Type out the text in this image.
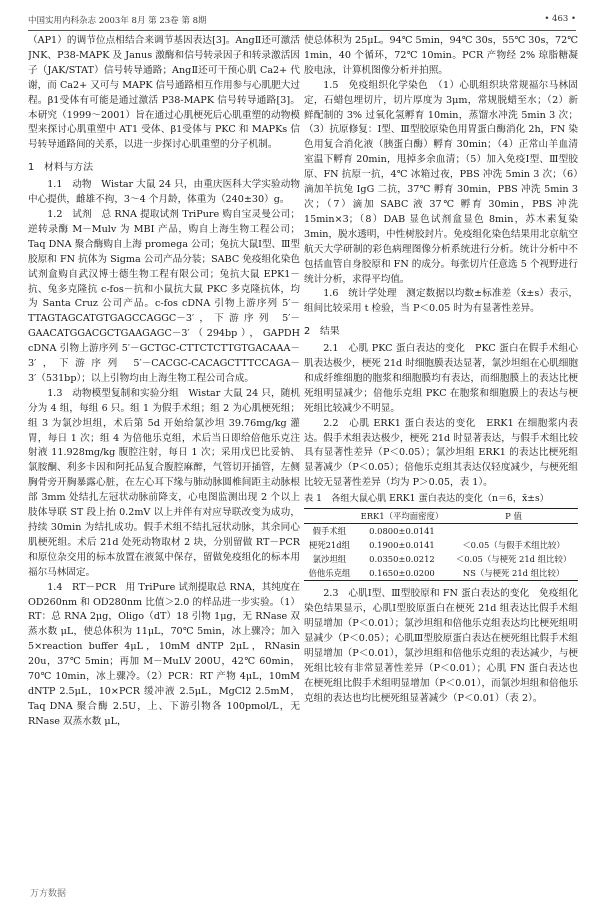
中国实用内科杂志 2003年 8月 第 23卷 第 8期	• 463 •

（AP1）的调节位点相结合来调节基因表达[3]。AngⅡ还可激活 JNK、P38-MAPK 及 Janus 激酶和信号转录因子和转录激活因子（JAK/STAT）信号转导通路；AngⅡ还可干预心肌 Ca2+ 代谢，而 Ca2+ 又可与 MAPK 信号通路相互作用参与心肌肥大过程。β1受体有可能是通过激活 P38-MAPK 信号转导通路[3]。本研究（1999～2001）旨在通过心肌梗死后心肌重塑的动物模型来探讨心肌重塑中 AT1 受体、β1受体与 PKC 和 MAPKs 信号转导通路间的关系，以进一步探讨心肌重塑的分子机制。

1　材料与方法

1.1　动物　Wistar 大鼠 24 只，由重庆医科大学实验动物中心提供，雌雄不拘，3～4 个月龄，体重为（240±30）g。

1.2　试剂　总 RNA 提取试剂 TriPure 购自宝灵曼公司；逆转录酶 M－Mulv 为 MBI 产品，购自上海生物工程公司；Taq DNA 聚合酶购自上海 promega 公司；兔抗大鼠Ⅰ型、Ⅲ型胶原和 FN 抗体为 Sigma 公司产品分装；SABC 免疫组化染色试剂盒购自武汉博士德生物工程有限公司；兔抗大鼠 EPK1－抗、兔多克隆抗 c-fos－抗和小鼠抗大鼠 PKC 多克隆抗体，均为 Santa Cruz 公司产品。c-fos cDNA 引物上游序列 5′－TTAGTAGCATGTGAGCCAGGC－3′，下游序列 5′－GAACATGGACGCTGAAGAGC－3′（294bp），GAPDH cDNA 引物上游序列 5′－GCTGC-CTTCTCTTGTGACAAA－3′，下游序列 5′－CACGC-CACAGCTTTCCAGA－3′（531bp）；以上引物均由上海生物工程公司合成。

1.3　动物模型复制和实验分组　Wistar 大鼠 24 只，随机分为 4 组，每组 6 只。组 1 为假手术组；组 2 为心肌梗死组；组 3 为氯沙坦组，术后第 5d 开始给氯沙坦 39.76mg/kg 灌胃，每日 1 次；组 4 为倍他乐克组，术后当日即给倍他乐克注射液 11.928mg/kg 腹腔注射，每日 1 次；采用戊巴比妥钠、氯胺酮、利多卡因和阿托品复合腹腔麻醉，气管切开插管，左侧胸骨旁开胸暴露心脏，在左心耳下缘与肺动脉圆椎间距主动脉根部 3mm 处结扎左冠状动脉前降支，心电图监测出现 2 个以上肢体导联 ST 段上抬 0.2mV 以上并伴有对应导联改变为成功，持续 30min 为结扎成功。假手术组不结扎冠状动脉，其余同心肌梗死组。术后 21d 处死动物取材 2 块，分别留做 RT－PCR 和原位杂交用的标本放置在液氮中保存，留做免疫组化的标本用福尔马林固定。

1.4　RT－PCR　用 TriPure 试剂提取总 RNA，其纯度在 OD260nm 和 OD280nm 比值＞2.0 的样品进一步实验。（1）RT：总 RNA 2μg，Oligo（dT）18 引物 1μg，无 RNase 双蒸水数 μL，使总体积为 11μL，70℃ 5min，冰上骤冷；加入 5×reaction buffer 4μL，10mM dNTP 2μL，RNasin 20u，37℃ 5min；再加 M－MuLV 200U，42℃ 60min，70℃ 10min，冰上骤冷。（2）PCR：RT 产物 4μL，10mM dNTP 2.5μL，10×PCR 缓冲液 2.5μL，MgCl2 2.5mM，Taq DNA 聚合酶 2.5U，上、下游引物各 100pmol/L，无 RNase 双蒸水数 μL，

使总体积为 25μL。94℃ 5min，94℃ 30s，55℃ 30s，72℃ 1min，40 个循环，72℃ 10min。PCR 产物经 2% 琼脂糖凝胶电泳，计算机图像分析并拍照。

1.5　免疫组织化学染色　（1）心肌组织块常规福尔马林固定，石蜡包埋切片，切片厚度为 3μm，常规脱蜡至水；（2）新鲜配制的 3% 过氧化氢孵育 10min，蒸馏水冲洗 5min 3 次；（3）抗原修复：Ⅰ型、Ⅲ型胶原染色用胃蛋白酶消化 2h，FN 染色用复合消化液（胰蛋白酶）孵育 30min；（4）正常山羊血清室温下孵育 20min，甩掉多余血清；（5）加入免疫Ⅰ型、Ⅲ型胶原、FN 抗原一抗，4℃ 冰箱过夜，PBS 冲洗 5min 3 次；（6）滴加羊抗兔 IgG 二抗，37℃ 孵育 30min，PBS 冲洗 5min 3 次；（7）滴加 SABC 液 37℃ 孵育 30min，PBS 冲洗 15min×3；（8）DAB 显色试剂盒显色 8min，苏木素复染 3min，脱水透明，中性树胶封片。免疫组化染色结果用北京航空航天大学研制的彩色病理图像分析系统进行分析。统计分析中不包括血管自身胶原和 FN 的成分。每张切片任意选 5 个视野进行统计分析，求得平均值。

1.6　统计学处理　测定数据以均数±标准差（x̄±s）表示，组间比较采用 t 检验，当 P＜0.05 时为有显著性差异。

2　结果

2.1　心肌 PKC 蛋白表达的变化　PKC 蛋白在假手术组心肌表达极少，梗死 21d 时细胞膜表达显著，氯沙坦组在心肌细胞和成纤维细胞的胞浆和细胞膜均有表达，而细胞膜上的表达比梗死组明显减少；倍他乐克组 PKC 在胞浆和细胞膜上的表达与梗死组比较减少不明显。

2.2　心肌 ERK1 蛋白表达的变化　ERK1 在细胞浆内表达。假手术组表达极少，梗死 21d 时显著表达，与假手术组比较具有显著性差异（P＜0.05）；氯沙坦组 ERK1 的表达比梗死组显著减少（P＜0.05）；倍他乐克组其表达仅轻度减少，与梗死组比较无显著性差异（均为 P＞0.05，表 1）。

表 1　各组大鼠心肌 ERK1 蛋白表达的变化（n＝6，x̄±s）
	ERK1（平均面密度）	P 值
假手术组	0.0800±0.0141	
梗死21d组	0.1900±0.0141	＜0.05（与假手术组比较）
氯沙坦组	0.0350±0.0212	＜0.05（与梗死 21d 组比较）
倍他乐克组	0.1650±0.0200	NS（与梗死 21d 组比较）

2.3　心肌Ⅰ型、Ⅲ型胶原和 FN 蛋白表达的变化　免疫组化染色结果显示，心肌Ⅰ型胶原蛋白在梗死 21d 组表达比假手术组明显增加（P＜0.01）；氯沙坦组和倍他乐克组表达均比梗死组明显减少（P＜0.05）；心肌Ⅲ型胶原蛋白表达在梗死组比假手术组明显增加（P＜0.01），氯沙坦组和倍他乐克组的表达减少，与梗死组比较有非常显著性差异（P＜0.01）；心肌 FN 蛋白表达也在梗死组比假手术组明显增加（P＜0.01），而氯沙坦组和倍他乐克组的表达也均比梗死组显著减少（P＜0.01）（表 2）。

万方数据
